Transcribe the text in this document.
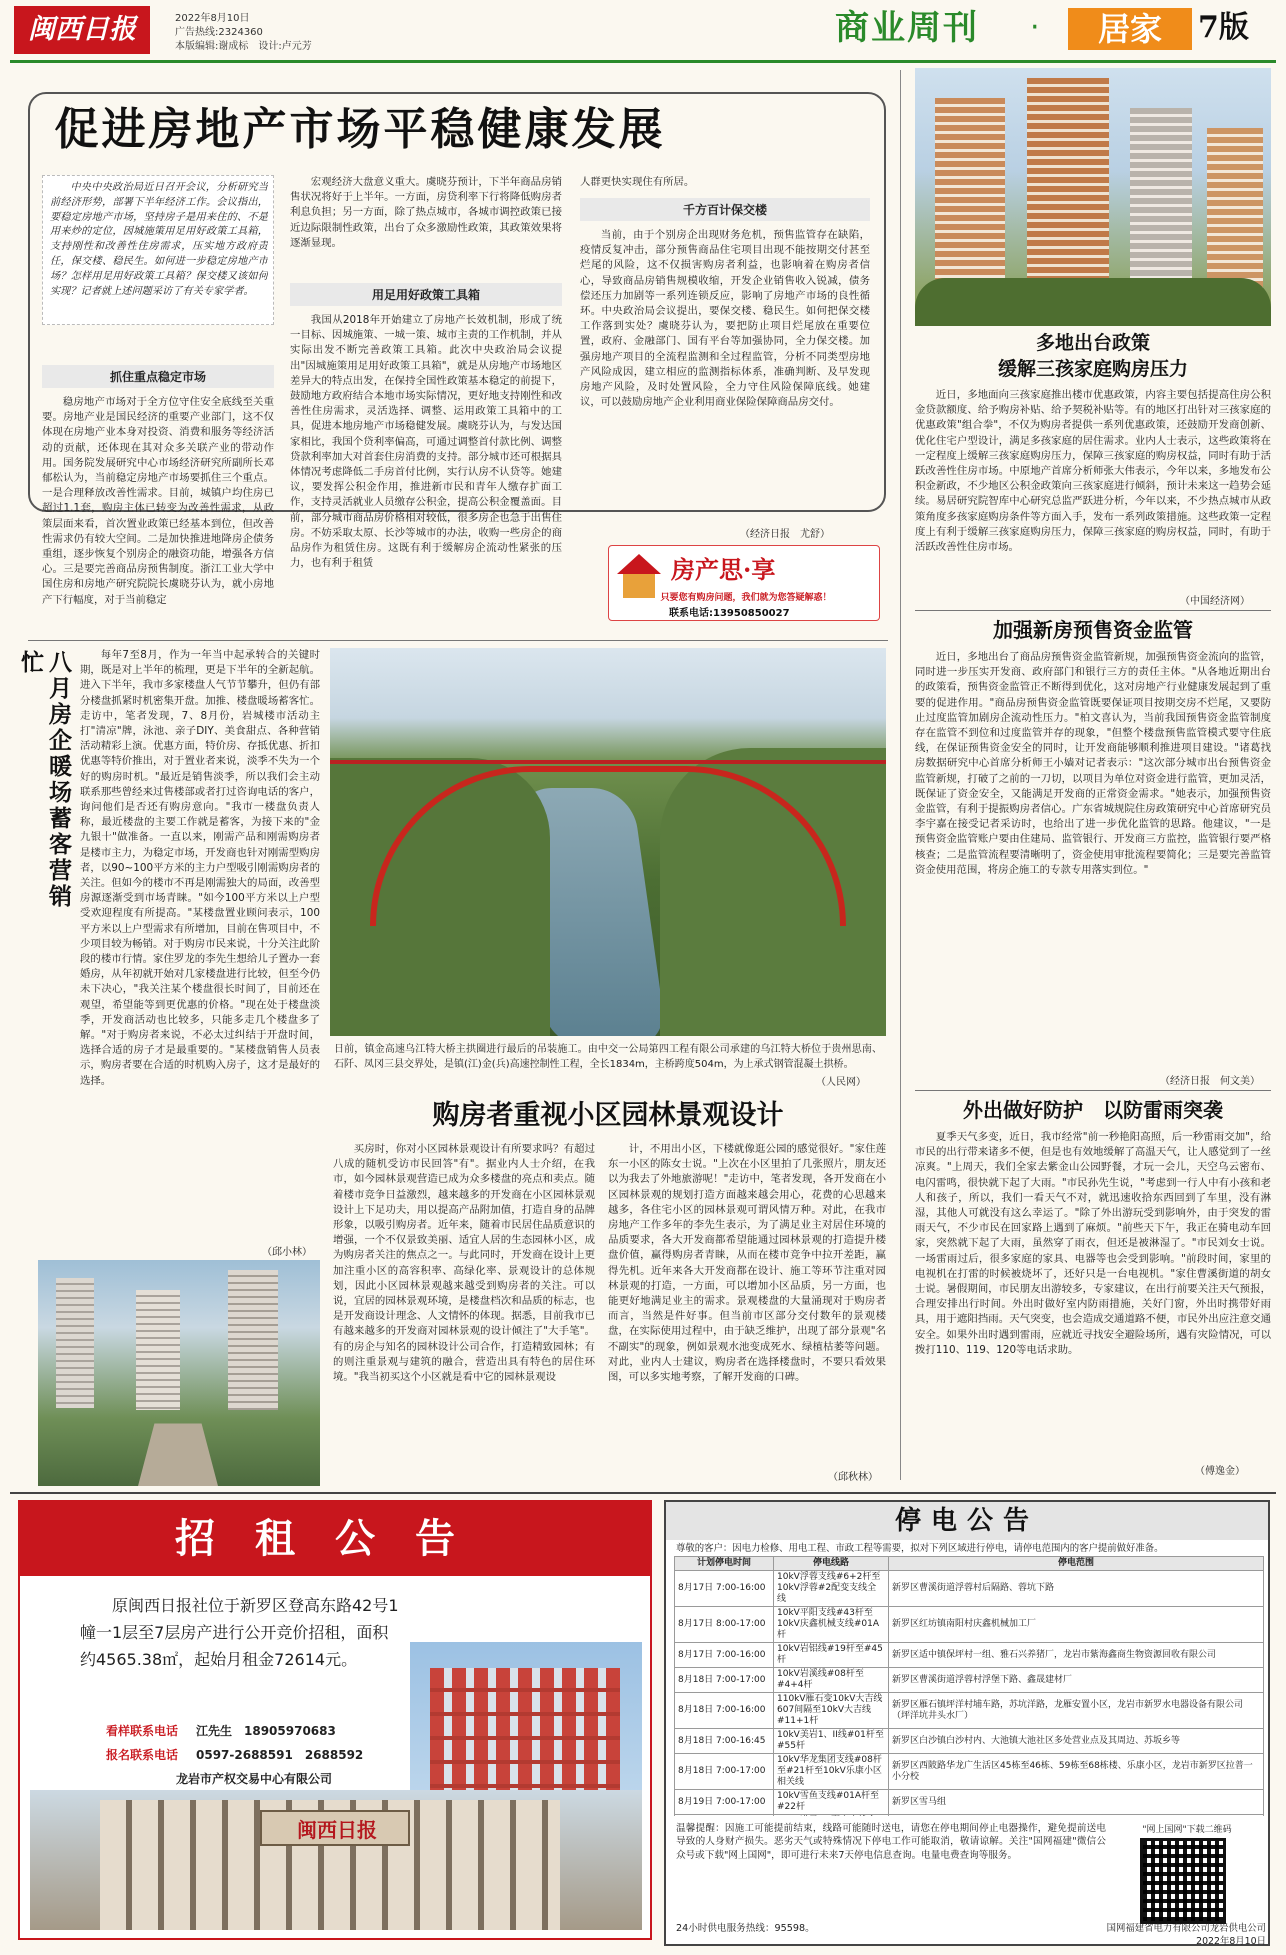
闽西日报	2022年8月10日
广告热线:2324360
本版编辑:谢成标　设计:卢元芳	商业周刊	·	居家	7版
促进房地产市场平稳健康发展
中央中央政治局近日召开会议，分析研究当前经济形势，部署下半年经济工作。会议指出，要稳定房地产市场，坚持房子是用来住的、不是用来炒的定位，因城施策用足用好政策工具箱，支持刚性和改善性住房需求，压实地方政府责任，保交楼、稳民生。如何进一步稳定房地产市场？怎样用足用好政策工具箱？保交楼又该如何实现？记者就上述问题采访了有关专家学者。
抓住重点稳定市场
稳房地产市场对于全方位守住安全底线至关重要。房地产业是国民经济的重要产业部门，这不仅体现在房地产业本身对投资、消费和服务等经济活动的贡献，还体现在其对众多关联产业的带动作用。国务院发展研究中心市场经济研究所副所长邓郁松认为，当前稳定房地产市场要抓住三个重点。一是合理释放改善性需求。目前，城镇户均住房已超过1.1套，购房主体已转变为改善性需求，从政策层面来看，首次置业政策已经基本到位，但改善性需求仍有较大空间。二是加快推进地降房企债务重组，逐步恢复个别房企的融资功能，增强各方信心。三是要完善商品房预售制度。浙江工业大学中国住房和房地产研究院院长虞晓芬认为，就小房地产下行幅度，对于当前稳定
宏观经济大盘意义重大。虞晓芬预计，下半年商品房销售状况将好于上半年。一方面，房贷利率下行将降低购房者利息负担；另一方面，除了热点城市，各城市调控政策已接近边际限制性政策，出台了众多激励性政策，其政策效果将逐渐显现。
用足用好政策工具箱
我国从2018年开始建立了房地产长效机制，形成了统一目标、因城施策、一城一策、城市主责的工作机制，并从实际出发不断完善政策工具箱。此次中央政治局会议提出"因城施策用足用好政策工具箱"，就是从房地产市场地区差异大的特点出发，在保持全国性政策基本稳定的前提下，鼓励地方政府结合本地市场实际情况，更好地支持刚性和改善性住房需求，灵活选择、调整、运用政策工具箱中的工具，促进本地房地产市场稳健发展。虞晓芬认为，与发达国家相比，我国个贷利率偏高，可通过调整首付款比例、调整贷款利率加大对首套住房消费的支持。部分城市还可根据具体情况考虑降低二手房首付比例，实行认房不认贷等。她建议，要发挥公积金作用，推进新市民和青年人缴存扩面工作，支持灵活就业人员缴存公积金，提高公积金覆盖面。目前，部分城市商品房价格相对较低，很多房企也急于出售住房。不妨采取太原、长沙等城市的办法，收购一些房企的商品房作为租赁住房。这既有利于缓解房企流动性紧张的压力，也有利于租赁
人群更快实现住有所居。
千方百计保交楼
当前，由于个别房企出现财务危机，预售监管存在缺陷，疫情反复冲击，部分预售商品住宅项目出现不能按期交付甚至烂尾的风险，这不仅损害购房者利益，也影响着在购房者信心，导致商品房销售规模收缩，开发企业销售收入锐减，债务偿还压力加剧等一系列连锁反应，影响了房地产市场的良性循环。中央政治局会议提出，要保交楼、稳民生。如何把保交楼工作落到实处？虞晓芬认为，要把防止项目烂尾放在重要位置，政府、金融部门、国有平台等加强协同，全力保交楼。加强房地产项目的全流程监测和全过程监管，分析不同类型房地产风险成因，建立相应的监测指标体系，准确判断、及早发现房地产风险，及时处置风险，全力守住风险保障底线。她建议，可以鼓励房地产企业利用商业保险保障商品房交付。
（经济日报　尤舒）
房产思·享
只要您有购房问题，我们就为您答疑解惑！
联系电话:13950850027
多地出台政策
缓解三孩家庭购房压力
近日，多地面向三孩家庭推出楼市优惠政策，内容主要包括提高住房公积金贷款额度、给予购房补贴、给予契税补贴等。有的地区打出针对三孩家庭的优惠政策"组合拳"，不仅为购房者提供一系列优惠政策，还鼓励开发商创新、优化住宅户型设计，满足多孩家庭的居住需求。业内人士表示，这些政策将在一定程度上缓解三孩家庭购房压力，保障三孩家庭的购房权益，同时有助于活跃改善性住房市场。中原地产首席分析师张大伟表示，今年以来，多地发布公积金新政，不少地区公积金政策向三孩家庭进行倾斜，预计未来这一趋势会延续。易居研究院智库中心研究总监严跃进分析，今年以来，不少热点城市从政策角度多孩家庭购房条件等方面入手，发布一系列政策措施。这些政策一定程度上有利于缓解三孩家庭购房压力，保障三孩家庭的购房权益，同时，有助于活跃改善性住房市场。
（中国经济网）
加强新房预售资金监管
近日，多地出台了商品房预售资金监管新规，加强预售资金流向的监管，同时进一步压实开发商、政府部门和银行三方的责任主体。"从各地近期出台的政策看，预售资金监管正不断得到优化，这对房地产行业健康发展起到了重要的促进作用。"商品房预售资金监管既要保证项目按期交房不烂尾，又要防止过度监管加剧房企流动性压力。"柏文喜认为，当前我国预售资金监管制度存在监管不到位和过度监管并存的现象，"但整个楼盘预售监管模式要守住底线，在保证预售资金安全的同时，让开发商能够顺利推进项目建设。"诸葛找房数据研究中心首席分析师王小嫱对记者表示："这次部分城市出台预售资金监管新规，打破了之前的一刀切，以项目为单位对资金进行监管，更加灵活，既保证了资金安全，又能满足开发商的正常资金需求。"她表示，加强预售资金监管，有利于提振购房者信心。广东省城规院住房政策研究中心首席研究员李宇嘉在接受记者采访时，也给出了进一步优化监管的思路。他建议，"一是预售资金监管账户要由住建局、监管银行、开发商三方监控，监管银行要严格核查；二是监管流程要清晰明了，资金使用审批流程要简化；三是要完善监管资金使用范围，将房企施工的专款专用落实到位。"
（经济日报　何文美）
外出做好防护　以防雷雨突袭
夏季天气多变，近日，我市经常"前一秒艳阳高照，后一秒雷雨交加"，给市民的出行带来诸多不便，但是也有效地缓解了高温天气，让人感觉到了一丝凉爽。"上周天，我们全家去紫金山公园野餐，才玩一会儿，天空乌云密布、电闪雷鸣，很快就下起了大雨。"市民孙先生说，"考虑到一行人中有小孩和老人和孩子，所以，我们一看天气不对，就迅速收拾东西回到了车里，没有淋湿，其他人可就没有这么幸运了。"除了外出游玩受到影响外，由于突发的雷雨天气，不少市民在回家路上遇到了麻烦。"前些天下午，我正在骑电动车回家，突然就下起了大雨，虽然穿了雨衣，但还是被淋湿了。"市民刘女士说。一场雷雨过后，很多家庭的家具、电器等也会受到影响。"前段时间，家里的电视机在打雷的时候被烧坏了，还好只是一台电视机。"家住曹溪街道的胡女士说。暑假期间，市民朋友出游较多，专家建议，在出行前要关注天气预报，合理安排出行时间。外出时做好室内防雨措施，关好门窗，外出时携带好雨具，用于遮阳挡雨。天气突变，也会造成交通道路不便，市民外出应注意交通安全。如果外出时遇到雷雨，应就近寻找安全避险场所，遇有灾险情况，可以拨打110、119、120等电话求助。
（傅逸金）
日前，镇金高速乌江特大桥主拱圈进行最后的吊装施工。由中交一公局第四工程有限公司承建的乌江特大桥位于贵州思南、石阡、凤冈三县交界处，是镇(江)金(兵)高速控制性工程，全长1834m，主桥跨度504m，为上承式钢管混凝土拱桥。
（人民网）
八月房企暖场蓄客营销忙	每年7至8月，作为一年当中起承转合的关键时期，既是对上半年的梳理，更是下半年的全新起航。进入下半年，我市多家楼盘人气节节攀升，但仍有部分楼盘抓紧时机密集开盘。加推、楼盘暖场蓄客忙。走访中，笔者发现，7、8月份，岩城楼市活动主打"清凉"牌，泳池、亲子DIY、美食甜点、各种营销活动精彩上演。优惠方面，特价房、存抵优惠、折扣优惠等特价推出，对于置业者来说，淡季不失为一个好的购房时机。"最近是销售淡季，所以我们会主动联系那些曾经来过售楼部或者打过咨询电话的客户，询问他们是否还有购房意向。"我市一楼盘负责人称，最近楼盘的主要工作就是蓄客，为接下来的"金九银十"做准备。一直以来，刚需产品和刚需购房者是楼市主力，为稳定市场，开发商也针对刚需型购房者，以90~100平方米的主力户型吸引刚需购房者的关注。但如今的楼市不再是刚需独大的局面，改善型房源逐渐受到市场青睐。"如今100平方米以上户型受欢迎程度有所提高。"某楼盘置业顾问表示，100平方米以上户型需求有所增加，目前在售项目中，不少项目较为畅销。对于购房市民来说，十分关注此阶段的楼市行情。家住罗龙的李先生想给儿子置办一套婚房，从年初就开始对几家楼盘进行比较，但至今仍未下决心，"我关注某个楼盘很长时间了，目前还在观望，希望能等到更优惠的价格。"现在处于楼盘淡季，开发商活动也比较多，只能多走几个楼盘多了解。"对于购房者来说，不必太过纠结于开盘时间，选择合适的房子才是最重要的。"某楼盘销售人员表示，购房者要在合适的时机购入房子，这才是最好的选择。
（邱小林）
购房者重视小区园林景观设计
买房时，你对小区园林景观设计有所要求吗？有超过八成的随机受访市民回答"有"。据业内人士介绍，在我市，如今园林景观营造已成为众多楼盘的亮点和卖点。随着楼市竞争日益激烈，越来越多的开发商在小区园林景观设计上下足功夫，用以提高产品附加值，打造自身的品牌形象，以吸引购房者。近年来，随着市民居住品质意识的增强，一个不仅景致美丽、适宜人居的生态园林小区，成为购房者关注的焦点之一。与此同时，开发商在设计上更加注重小区的高容积率、高绿化率、景观设计的总体规划，因此小区园林景观越来越受到购房者的关注。可以说，宜居的园林景观环境，是楼盘档次和品质的标志，也是开发商设计理念、人文情怀的体现。据悉，目前我市已有越来越多的开发商对园林景观的设计倾注了"大手笔"。有的房企与知名的园林设计公司合作，打造精致园林；有的则注重景观与建筑的融合，营造出具有特色的居住环境。"我当初买这个小区就是看中它的园林景观设
计，不用出小区，下楼就像逛公园的感觉很好。"家住莲东一小区的陈女士说。"上次在小区里拍了几张照片，朋友还以为我去了外地旅游呢！"走访中，笔者发现，各开发商在小区园林景观的规划打造方面越来越会用心，花费的心思越来越多，各住宅小区的园林景观可谓风情万种。对此，在我市房地产工作多年的李先生表示，为了满足业主对居住环境的品质要求，各大开发商都希望能通过园林景观的打造提升楼盘价值，赢得购房者青睐，从而在楼市竞争中拉开差距，赢得先机。近年来各大开发商都在设计、施工等环节注重对园林景观的打造，一方面，可以增加小区品质，另一方面，也能更好地满足业主的需求。景观楼盘的大量涌现对于购房者而言，当然是件好事。但当前市区部分交付数年的景观楼盘，在实际使用过程中，由于缺乏维护，出现了部分景观"名不副实"的现象，例如景观水池变成死水、绿植枯萎等问题。对此，业内人士建议，购房者在选择楼盘时，不要只看效果图，可以多实地考察，了解开发商的口碑。
（邱秋林）
招租公告
原闽西日报社位于新罗区登高东路42号1幢一1层至7层房产进行公开竞价招租，面积约4565.38㎡，起始月租金72614元。
看样联系电话 江先生　18905970683
报名联系电话 0597-2688591　2688592
龙岩市产权交易中心有限公司
闽西日报
停电公告
尊敬的客户：因电力检修、用电工程、市政工程等需要，拟对下列区域进行停电，请停电范围内的客户提前做好准备。
计划停电时间	停电线路	停电范围
8月17日 7:00-16:00	10kV浮蓉支线#6+2杆至10kV浮蓉#2配变支线全线	新罗区曹溪街道浮蓉村后隔路、蓉坑下路
8月17日 8:00-17:00	10kV平阳支线#43杆至10kV庆鑫机械支线#01A杆	新罗区红坊镇南阳村庆鑫机械加工厂
8月17日 7:00-16:00	10kV岩铝线#19杆至#45杆	新罗区适中镇保坪村一组、雅石兴养猪厂，龙岩市紫海鑫商生物资源回收有限公司
8月18日 7:00-17:00	10kV岩溪线#08杆至#4+4杆	新罗区曹溪街道浮蓉村浮堡下路、鑫晟建材厂
8月18日 7:00-16:00	110kV雁石变10kV大吉线607间隔至10kV大吉线#11+1杆	新罗区雁石镇坪洋村埔车路，苏坑洋路，龙雁安置小区，龙岩市新罗水电器设备有限公司（坪洋坑井头水厂）
8月18日 7:00-16:45	10kV美岩1、II线#01杆至#55杆	新罗区白沙镇白沙村内、大池镇大池社区多处营业点及其周边、苏坂乡等
8月18日 7:00-17:00	10kV华龙集团支线#08杆至#21杆至10kV乐康小区相关线	新罗区西陂路华龙广生活区45栋至46栋、59栋至68栋楼、乐康小区，龙岩市新罗区拉普一小分校
8月19日 7:00-17:00	10kV雪鱼支线#01A杆至#22杆	新罗区雪马组

温馨提醒：因施工可能提前结束，线路可能随时送电，请您在停电期间停止电器操作，避免提前送电导致的人身财产损失。恶劣天气或特殊情况下停电工作可能取消，敬请谅解。关注"国网福建"微信公众号或下载"网上国网"，即可进行未来7天停电信息查询。电量电费查询等服务。
24小时供电服务热线：95598。
"网上国网"下载二维码
国网福建省电力有限公司龙岩供电公司
2022年8月10日
